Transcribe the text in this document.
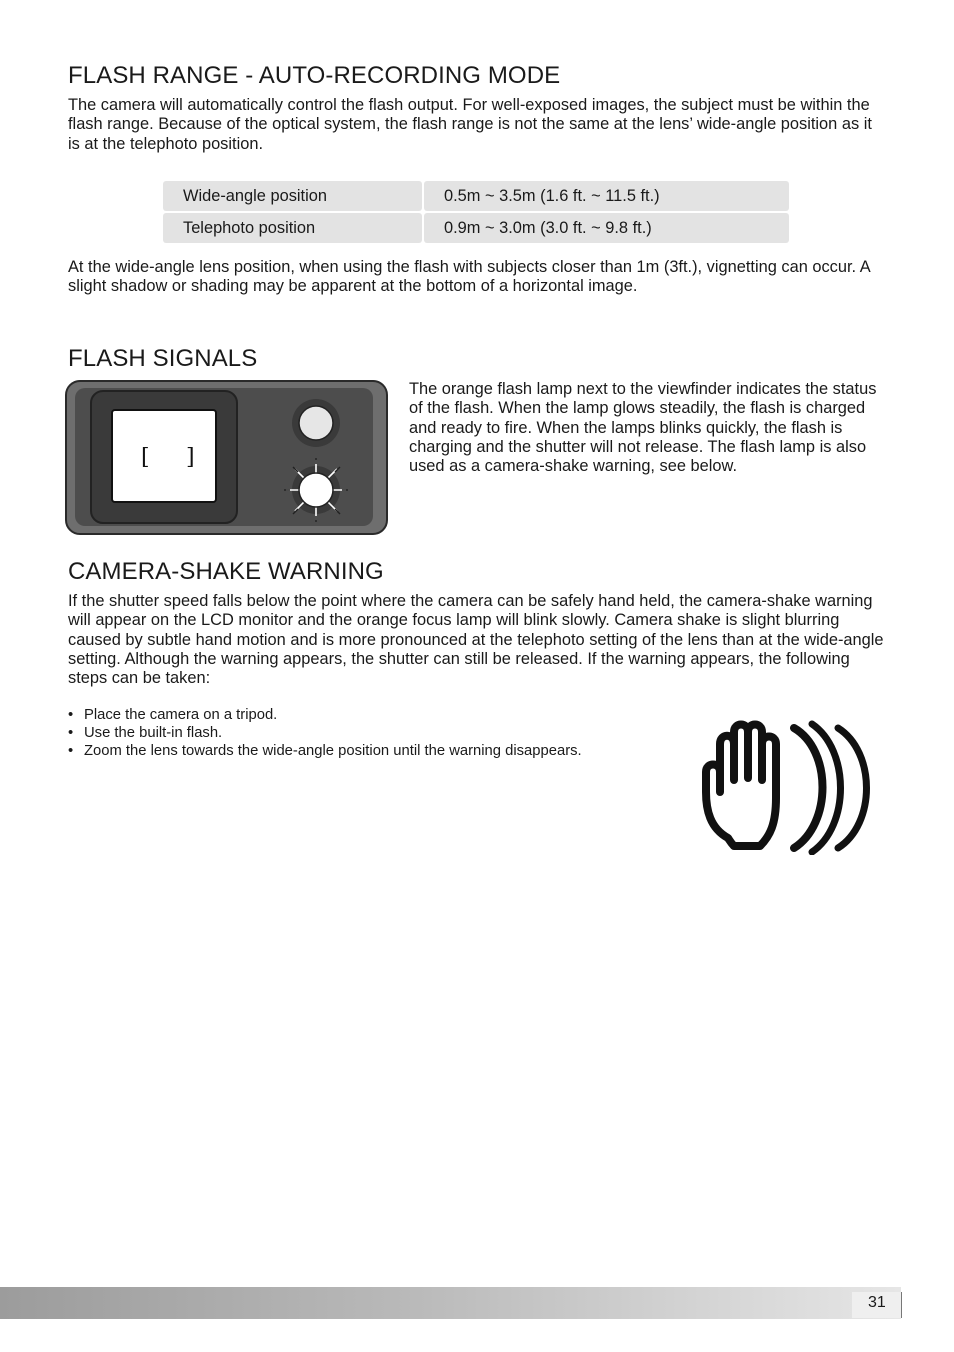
FLASH RANGE - AUTO-RECORDING MODE

The camera will automatically control the flash output. For well-exposed images, the subject must be within the flash range. Because of the optical system, the flash range is not the same at the lens’ wide-angle position as it is at the telephoto position.

Wide-angle position	0.5m ~ 3.5m (1.6 ft. ~ 11.5 ft.)
Telephoto position	0.9m ~ 3.0m (3.0 ft. ~ 9.8 ft.)

At the wide-angle lens position, when using the flash with subjects closer than 1m (3ft.), vignetting can occur. A slight shadow or shading may be apparent at the bottom of a horizontal image.

FLASH SIGNALS
[ ]

The orange flash lamp next to the viewfinder indicates the status of the flash. When the lamp glows steadily, the flash is charged and ready to fire. When the lamps blinks quickly, the flash is charging and the shutter will not release. The flash lamp is also used as a camera-shake warning, see below.

CAMERA-SHAKE WARNING

If the shutter speed falls below the point where the camera can be safely hand held, the camera-shake warning will appear on the LCD monitor and the orange focus lamp will blink slowly. Camera shake is slight blurring caused by subtle hand motion and is more pronounced at the telephoto setting of the lens than at the wide-angle setting. Although the warning appears, the shutter can still be released. If the warning appears, the following steps can be taken:

• Place the camera on a tripod.
• Use the built-in flash.
• Zoom the lens towards the wide-angle position until the warning disappears.
31
